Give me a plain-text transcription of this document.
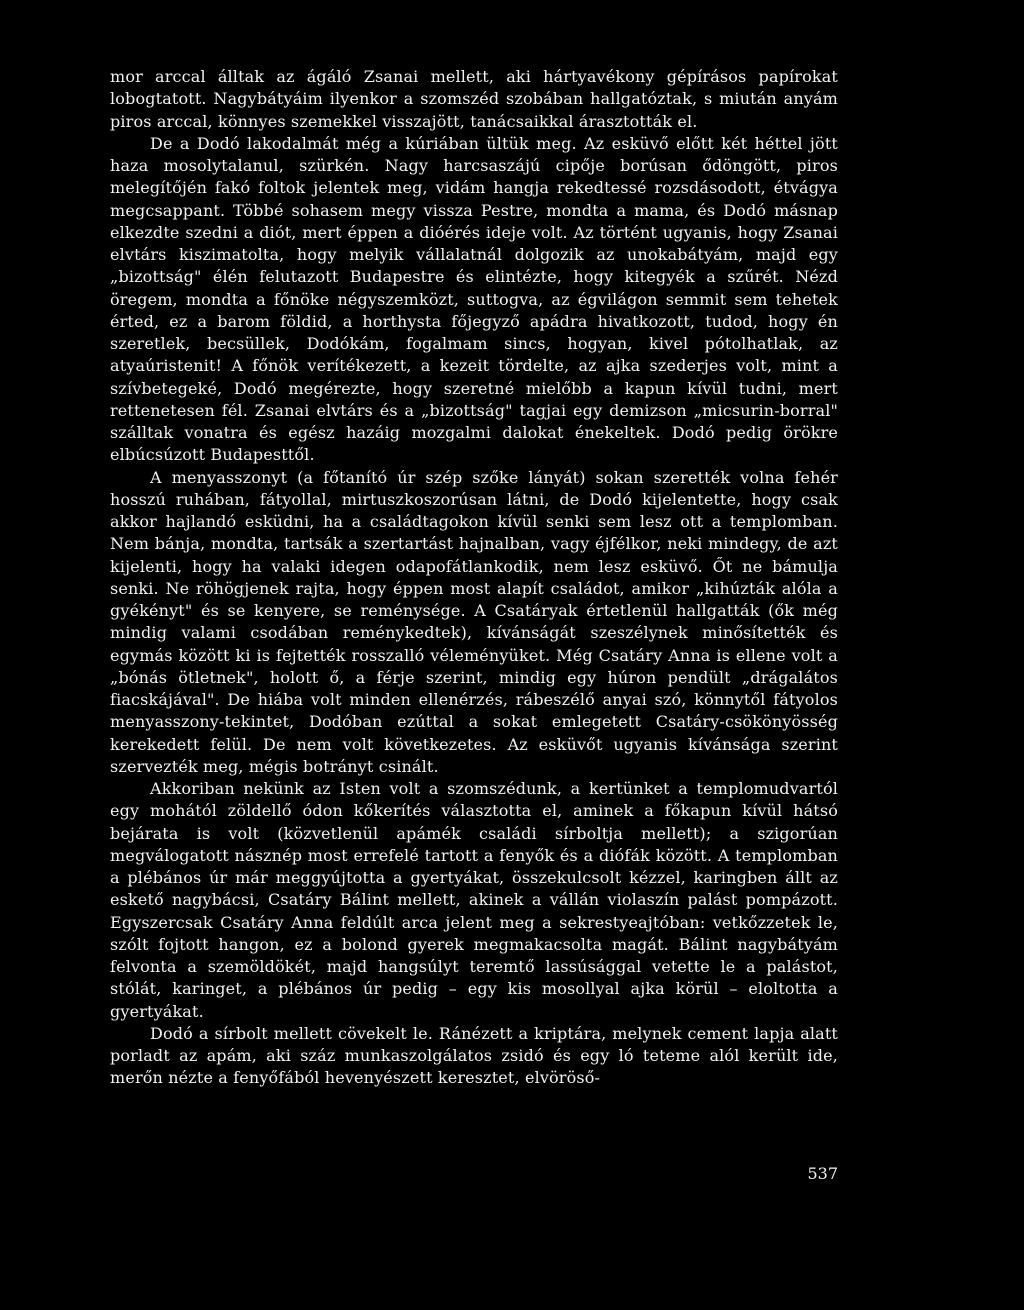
mor arccal álltak az ágáló Zsanai mellett, aki hártyavékony gépírásos papírokat lobogtatott. Nagybátyáim ilyenkor a szomszéd szobában hallgatóztak, s miután anyám piros arccal, könnyes szemekkel visszajött, tanácsaikkal árasztották el.

De a Dodó lakodalmát még a kúriában ültük meg. Az esküvő előtt két héttel jött haza mosolytalanul, szürkén. Nagy harcsaszájú cipője borúsan ődöngött, piros melegítőjén fakó foltok jelentek meg, vidám hangja rekedtessé rozsdásodott, étvágya megcsappant. Többé sohasem megy vissza Pestre, mondta a mama, és Dodó másnap elkezdte szedni a diót, mert éppen a dióérés ideje volt. Az történt ugyanis, hogy Zsanai elvtárs kiszimatolta, hogy melyik vállalatnál dolgozik az unokabátyám, majd egy „bizottság" élén felutazott Budapestre és elintézte, hogy kitegyék a szűrét. Nézd öregem, mondta a főnöke négyszemközt, suttogva, az égvilágon semmit sem tehetek érted, ez a barom földid, a horthysta főjegyző apádra hivatkozott, tudod, hogy én szeretlek, becsüllek, Dodókám, fogalmam sincs, hogyan, kivel pótolhatlak, az atyaúristenit! A főnök verítékezett, a kezeit tördelte, az ajka szederjes volt, mint a szívbetegeké, Dodó megérezte, hogy szeretné mielőbb a kapun kívül tudni, mert rettenetesen fél. Zsanai elvtárs és a „bizottság" tagjai egy demizson „micsurin-borral" szálltak vonatra és egész hazáig mozgalmi dalokat énekeltek. Dodó pedig örökre elbúcsúzott Budapesttől.

A menyasszonyt (a főtanító úr szép szőke lányát) sokan szerették volna fehér hosszú ruhában, fátyollal, mirtuszkoszorúsan látni, de Dodó kijelentette, hogy csak akkor hajlandó esküdni, ha a családtagokon kívül senki sem lesz ott a templomban. Nem bánja, mondta, tartsák a szertartást hajnalban, vagy éjfélkor, neki mindegy, de azt kijelenti, hogy ha valaki idegen odapofátlankodik, nem lesz esküvő. Őt ne bámulja senki. Ne röhögjenek rajta, hogy éppen most alapít családot, amikor „kihúzták alóla a gyékényt" és se kenyere, se reménysége. A Csatáryak értetlenül hallgatták (ők még mindig valami csodában reménykedtek), kívánságát szeszélynek minősítették és egymás között ki is fejtették rosszalló véleményüket. Még Csatáry Anna is ellene volt a „bónás ötletnek", holott ő, a férje szerint, mindig egy húron pendült „drágalátos fiacskájával". De hiába volt minden ellenérzés, rábeszélő anyai szó, könnytől fátyolos menyasszony-tekintet, Dodóban ezúttal a sokat emlegetett Csatáry-csökönyösség kerekedett felül. De nem volt következetes. Az esküvőt ugyanis kívánsága szerint szervezték meg, mégis botrányt csinált.

Akkoriban nekünk az Isten volt a szomszédunk, a kertünket a templomudvartól egy mohától zöldellő ódon kőkerítés választotta el, aminek a főkapun kívül hátsó bejárata is volt (közvetlenül apámék családi sírboltja mellett); a szigorúan megválogatott násznép most errefelé tartott a fenyők és a diófák között. A templomban a plébános úr már meggyújtotta a gyertyákat, összekulcsolt kézzel, karingben állt az eskető nagybácsi, Csatáry Bálint mellett, akinek a vállán violaszín palást pompázott. Egyszercsak Csatáry Anna feldúlt arca jelent meg a sekrestyeajtóban: vetkőzzetek le, szólt fojtott hangon, ez a bolond gyerek megmakacsolta magát. Bálint nagybátyám felvonta a szemöldökét, majd hangsúlyt teremtő lassúsággal vetette le a palástot, stólát, karinget, a plébános úr pedig – egy kis mosollyal ajka körül – eloltotta a gyertyákat.

Dodó a sírbolt mellett cövekelt le. Ránézett a kriptára, melynek cement lapja alatt porladt az apám, aki száz munkaszolgálatos zsidó és egy ló teteme alól került ide, merőn nézte a fenyőfából hevenyészett keresztet, elvöröső-

537
